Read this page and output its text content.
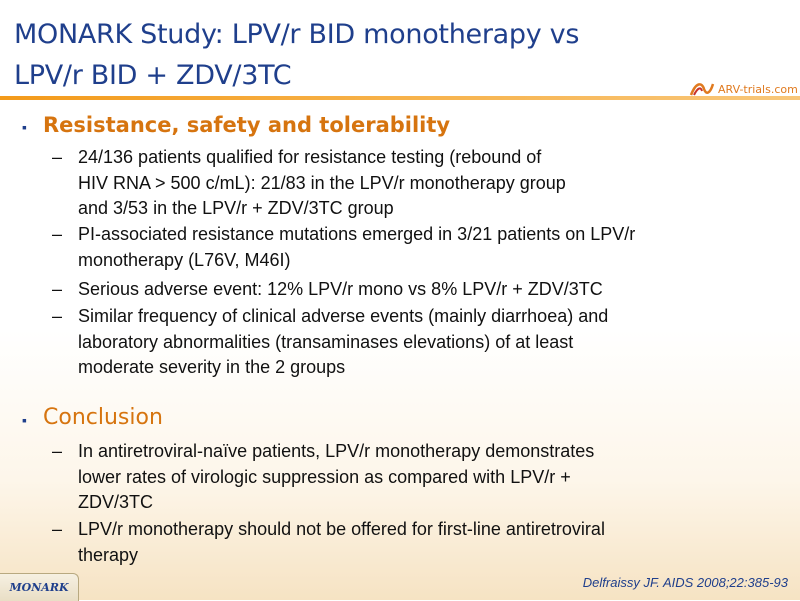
MONARK Study: LPV/r BID monotherapy vs
LPV/r BID + ZDV/3TC	ARV-trials .com
▪ Resistance, safety and tolerability
– 24/136 patients qualified for resistance testing (rebound of
HIV RNA > 500 c/mL): 21/83 in the LPV/r monotherapy group
and 3/53 in the LPV/r + ZDV/3TC group
– PI-associated resistance mutations emerged in 3/21 patients on LPV/r
monotherapy (L76V, M46I)
– Serious adverse event: 12% LPV/r mono vs 8% LPV/r + ZDV/3TC
– Similar frequency of clinical adverse events (mainly diarrhoea) and
laboratory abnormalities (transaminases elevations) of at least
moderate severity in the 2 groups
▪ Conclusion
– In antiretroviral-naïve patients, LPV/r monotherapy demonstrates
lower rates of virologic suppression as compared with LPV/r +
ZDV/3TC
– LPV/r monotherapy should not be offered for first-line antiretroviral
therapy
MONARK	Delfraissy JF. AIDS 2008;22:385-93
